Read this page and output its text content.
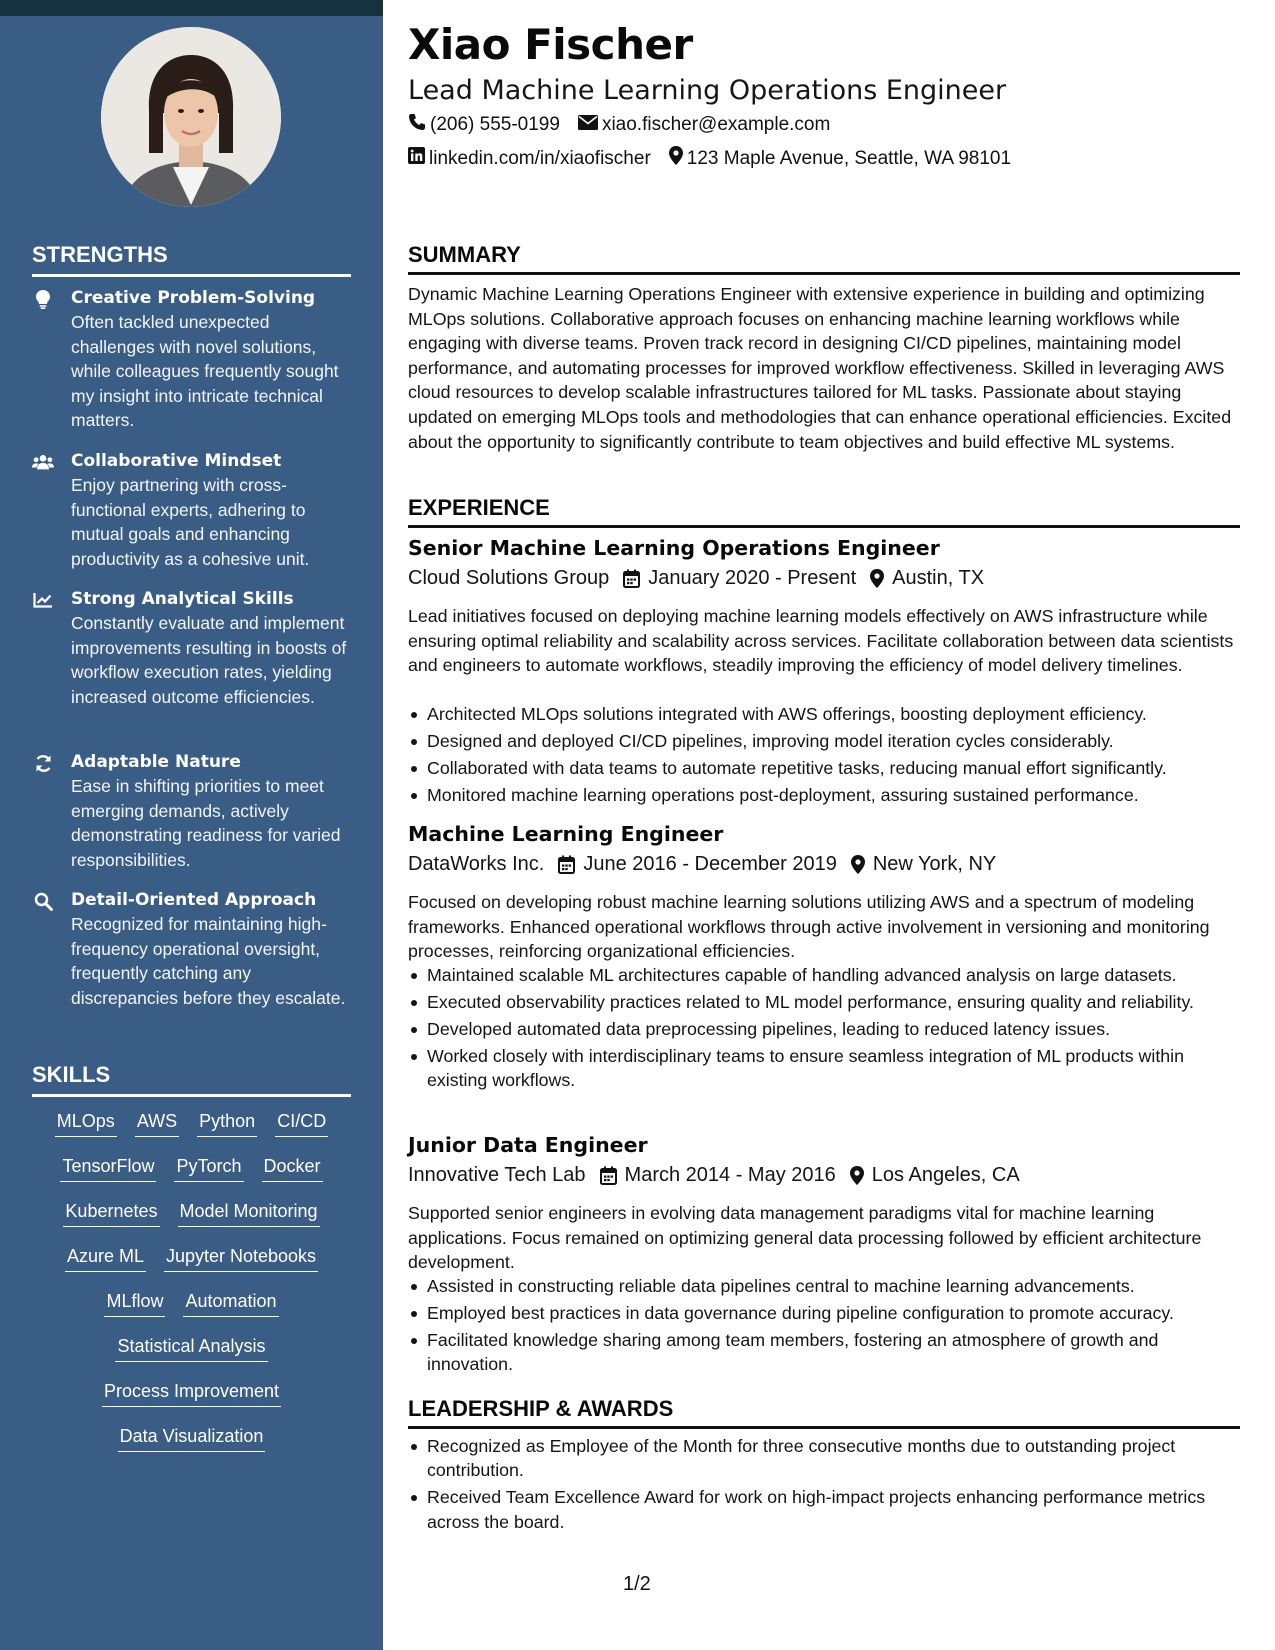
STRENGTHS
Creative Problem-Solving
Often tackled unexpected challenges with novel solutions, while colleagues frequently sought my insight into intricate technical matters.
Collaborative Mindset
Enjoy partnering with cross-functional experts, adhering to mutual goals and enhancing productivity as a cohesive unit.
Strong Analytical Skills
Constantly evaluate and implement improvements resulting in boosts of workflow execution rates, yielding increased outcome efficiencies.
Adaptable Nature
Ease in shifting priorities to meet emerging demands, actively demonstrating readiness for varied responsibilities.
Detail-Oriented Approach
Recognized for maintaining high-frequency operational oversight, frequently catching any discrepancies before they escalate.
SKILLS
MLOps AWS Python CI/CD
TensorFlow PyTorch Docker
Kubernetes Model Monitoring
Azure ML Jupyter Notebooks
MLflow Automation
Statistical Analysis
Process Improvement
Data Visualization
Xiao Fischer
Lead Machine Learning Operations Engineer
(206) 555-0199 xiao.fischer@example.com
linkedin.com/in/xiaofischer 123 Maple Avenue, Seattle, WA 98101
SUMMARY
Dynamic Machine Learning Operations Engineer with extensive experience in building and optimizing MLOps solutions. Collaborative approach focuses on enhancing machine learning workflows while engaging with diverse teams. Proven track record in designing CI/CD pipelines, maintaining model performance, and automating processes for improved workflow effectiveness. Skilled in leveraging AWS cloud resources to develop scalable infrastructures tailored for ML tasks. Passionate about staying updated on emerging MLOps tools and methodologies that can enhance operational efficiencies. Excited about the opportunity to significantly contribute to team objectives and build effective ML systems.
EXPERIENCE
Senior Machine Learning Operations Engineer
Cloud Solutions Group January 2020 - Present Austin, TX
Lead initiatives focused on deploying machine learning models effectively on AWS infrastructure while ensuring optimal reliability and scalability across services. Facilitate collaboration between data scientists and engineers to automate workflows, steadily improving the efficiency of model delivery timelines.
Architected MLOps solutions integrated with AWS offerings, boosting deployment efficiency.
Designed and deployed CI/CD pipelines, improving model iteration cycles considerably.
Collaborated with data teams to automate repetitive tasks, reducing manual effort significantly.
Monitored machine learning operations post-deployment, assuring sustained performance.
Machine Learning Engineer
DataWorks Inc. June 2016 - December 2019 New York, NY
Focused on developing robust machine learning solutions utilizing AWS and a spectrum of modeling frameworks. Enhanced operational workflows through active involvement in versioning and monitoring processes, reinforcing organizational efficiencies.
Maintained scalable ML architectures capable of handling advanced analysis on large datasets.
Executed observability practices related to ML model performance, ensuring quality and reliability.
Developed automated data preprocessing pipelines, leading to reduced latency issues.
Worked closely with interdisciplinary teams to ensure seamless integration of ML products within existing workflows.
Junior Data Engineer
Innovative Tech Lab March 2014 - May 2016 Los Angeles, CA
Supported senior engineers in evolving data management paradigms vital for machine learning applications. Focus remained on optimizing general data processing followed by efficient architecture development.
Assisted in constructing reliable data pipelines central to machine learning advancements.
Employed best practices in data governance during pipeline configuration to promote accuracy.
Facilitated knowledge sharing among team members, fostering an atmosphere of growth and innovation.
LEADERSHIP & AWARDS
Recognized as Employee of the Month for three consecutive months due to outstanding project contribution.
Received Team Excellence Award for work on high-impact projects enhancing performance metrics across the board.
1/2
